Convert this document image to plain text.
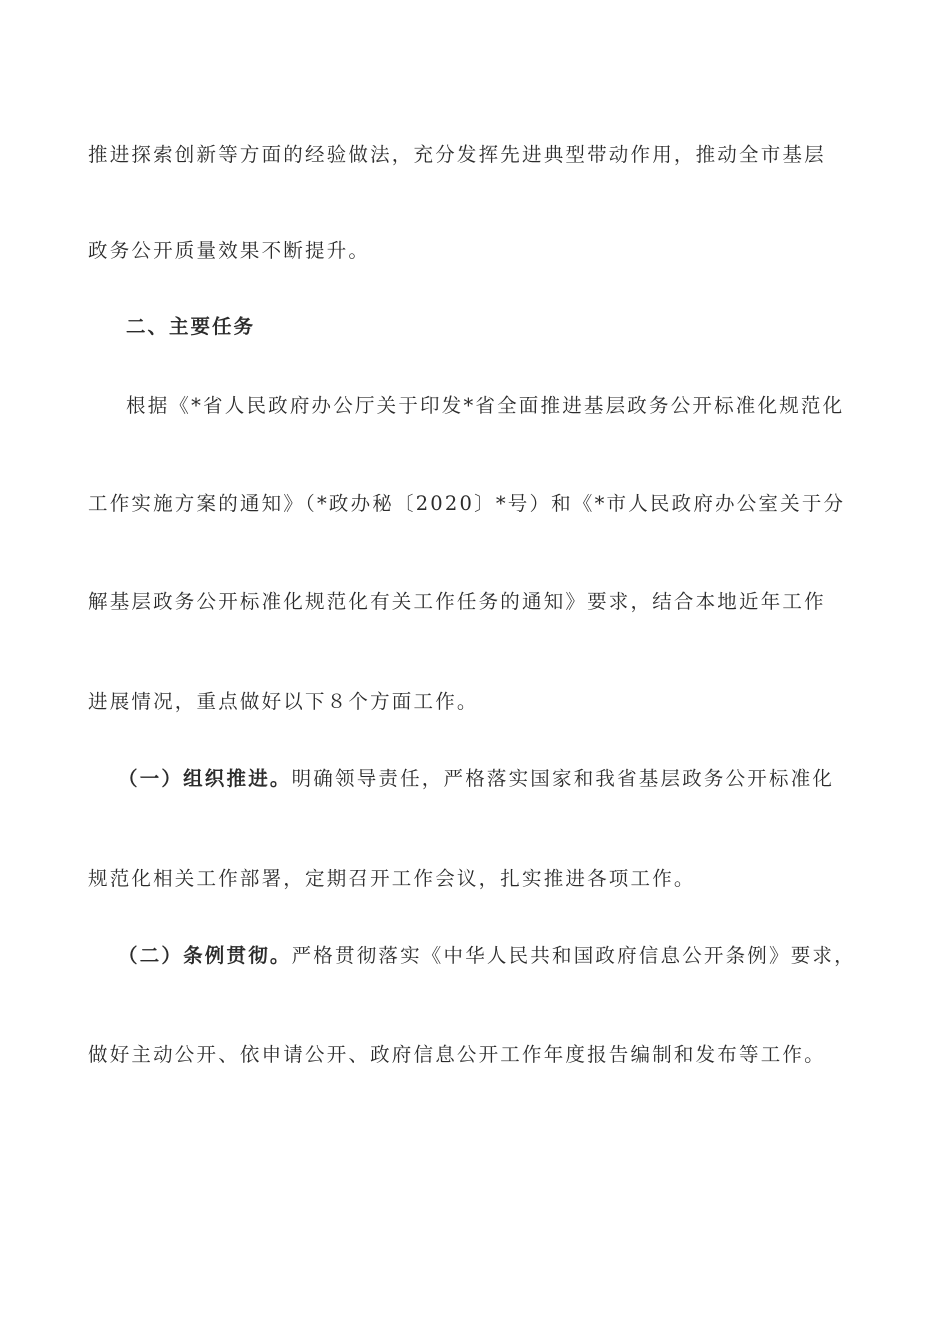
推进探索创新等方面的经验做法，充分发挥先进典型带动作用，推动全市基层
政务公开质量效果不断提升。
二、主要任务
根据《*省人民政府办公厅关于印发*省全面推进基层政务公开标准化规范化
工作实施方案的通知》（*政办秘〔2020〕*号）和《*市人民政府办公室关于分
解基层政务公开标准化规范化有关工作任务的通知》要求，结合本地近年工作
进展情况，重点做好以下８个方面工作。
（一）组织推进。明确领导责任，严格落实国家和我省基层政务公开标准化
规范化相关工作部署，定期召开工作会议，扎实推进各项工作。
（二）条例贯彻。严格贯彻落实《中华人民共和国政府信息公开条例》要求，
做好主动公开、依申请公开、政府信息公开工作年度报告编制和发布等工作。
